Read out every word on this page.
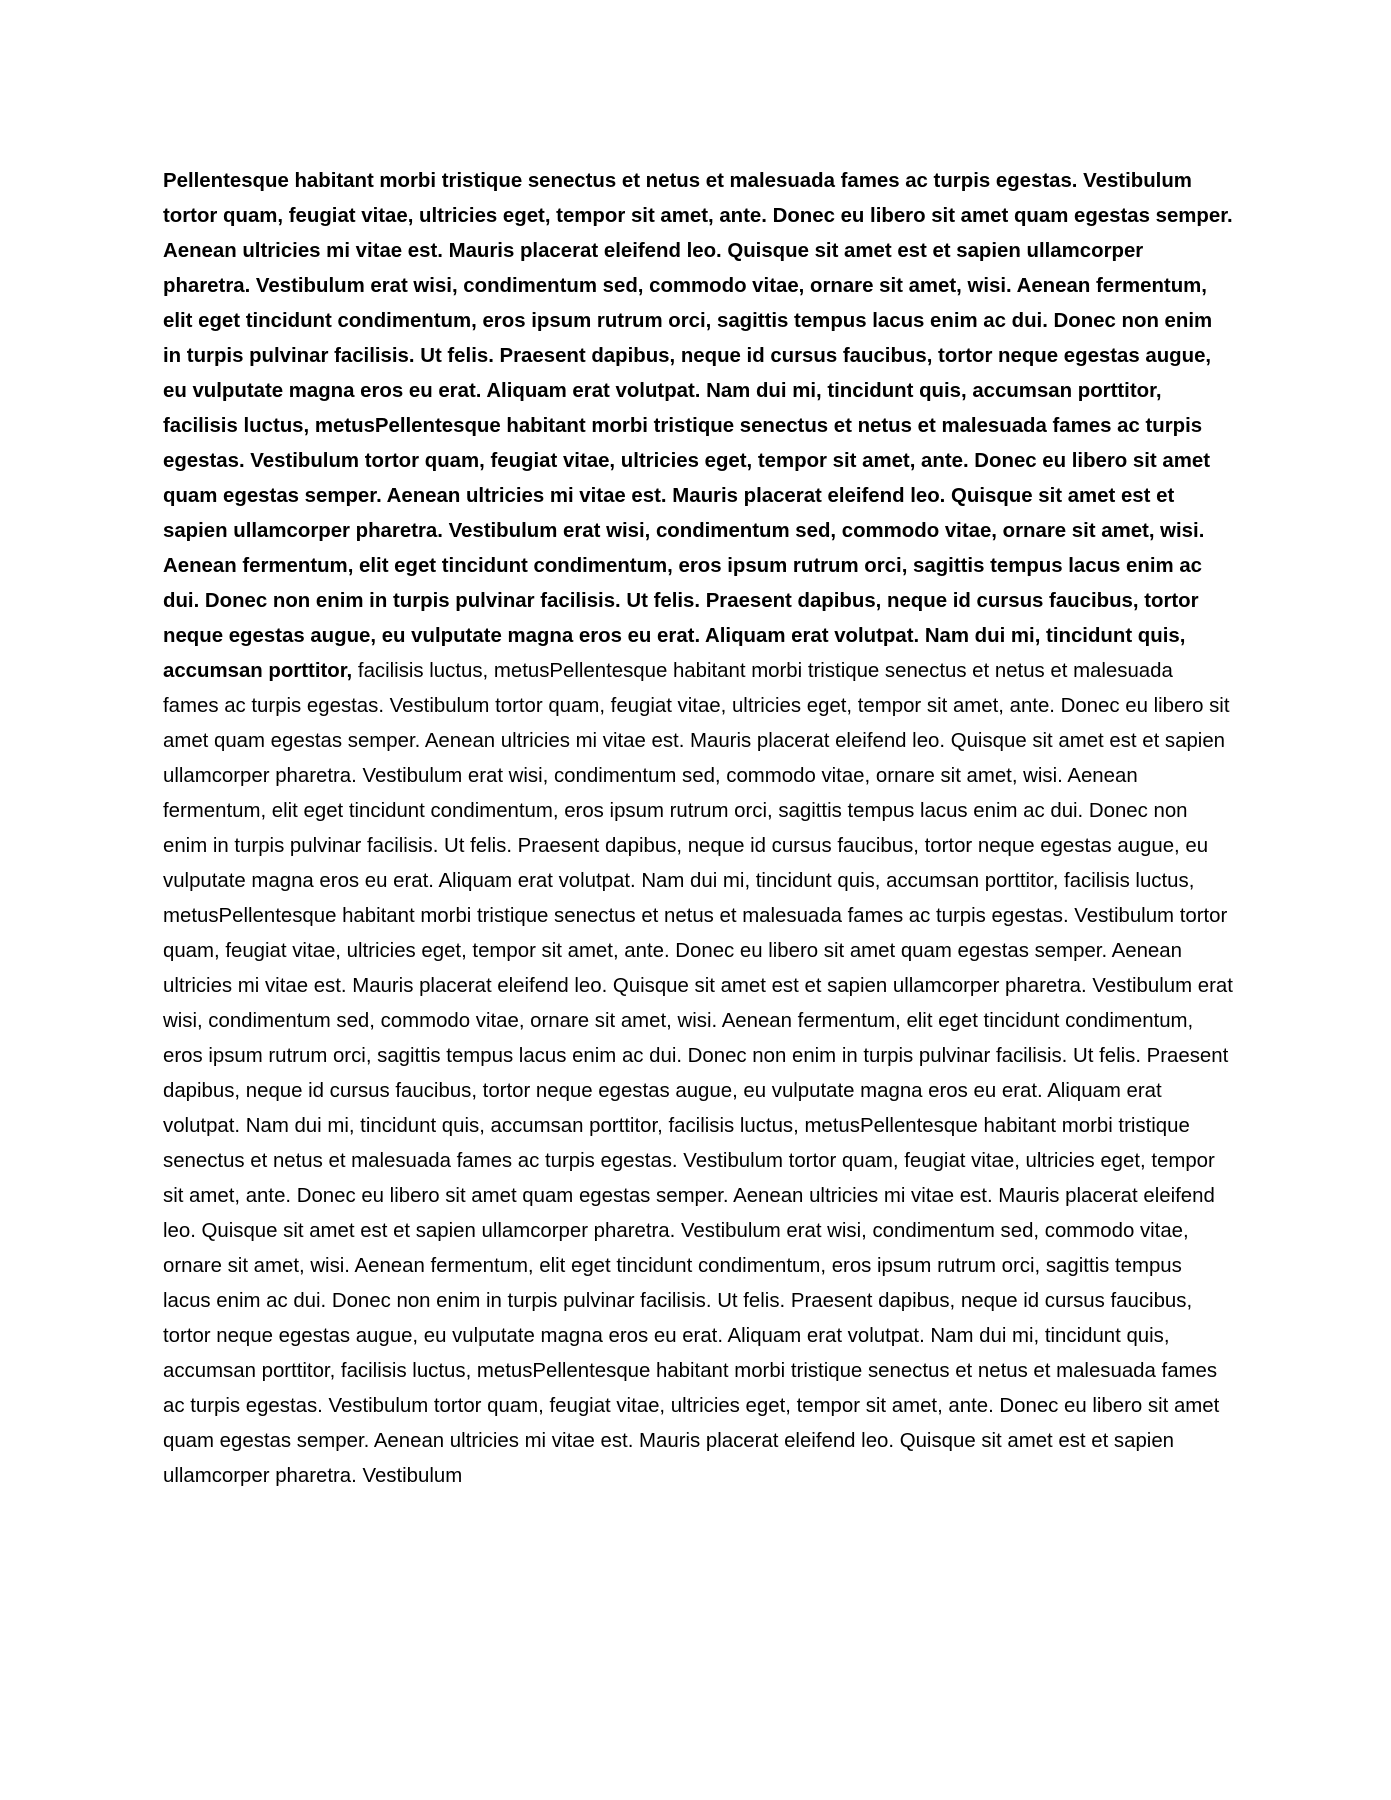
Pellentesque habitant morbi tristique senectus et netus et malesuada fames ac turpis egestas. Vestibulum tortor quam, feugiat vitae, ultricies eget, tempor sit amet, ante. Donec eu libero sit amet quam egestas semper. Aenean ultricies mi vitae est. Mauris placerat eleifend leo. Quisque sit amet est et sapien ullamcorper pharetra. Vestibulum erat wisi, condimentum sed, commodo vitae, ornare sit amet, wisi. Aenean fermentum, elit eget tincidunt condimentum, eros ipsum rutrum orci, sagittis tempus lacus enim ac dui. Donec non enim in turpis pulvinar facilisis. Ut felis. Praesent dapibus, neque id cursus faucibus, tortor neque egestas augue, eu vulputate magna eros eu erat. Aliquam erat volutpat. Nam dui mi, tincidunt quis, accumsan porttitor, facilisis luctus, metusPellentesque habitant morbi tristique senectus et netus et malesuada fames ac turpis egestas. Vestibulum tortor quam, feugiat vitae, ultricies eget, tempor sit amet, ante. Donec eu libero sit amet quam egestas semper. Aenean ultricies mi vitae est. Mauris placerat eleifend leo. Quisque sit amet est et sapien ullamcorper pharetra. Vestibulum erat wisi, condimentum sed, commodo vitae, ornare sit amet, wisi. Aenean fermentum, elit eget tincidunt condimentum, eros ipsum rutrum orci, sagittis tempus lacus enim ac dui. Donec non enim in turpis pulvinar facilisis. Ut felis. Praesent dapibus, neque id cursus faucibus, tortor neque egestas augue, eu vulputate magna eros eu erat. Aliquam erat volutpat. Nam dui mi, tincidunt quis, accumsan porttitor, facilisis luctus, metusPellentesque habitant morbi tristique senectus et netus et malesuada fames ac turpis egestas. Vestibulum tortor quam, feugiat vitae, ultricies eget, tempor sit amet, ante. Donec eu libero sit amet quam egestas semper. Aenean ultricies mi vitae est. Mauris placerat eleifend leo. Quisque sit amet est et sapien ullamcorper pharetra. Vestibulum erat wisi, condimentum sed, commodo vitae, ornare sit amet, wisi. Aenean fermentum, elit eget tincidunt condimentum, eros ipsum rutrum orci, sagittis tempus lacus enim ac dui. Donec non enim in turpis pulvinar facilisis. Ut felis. Praesent dapibus, neque id cursus faucibus, tortor neque egestas augue, eu vulputate magna eros eu erat. Aliquam erat volutpat. Nam dui mi, tincidunt quis, accumsan porttitor, facilisis luctus, metusPellentesque habitant morbi tristique senectus et netus et malesuada fames ac turpis egestas. Vestibulum tortor quam, feugiat vitae, ultricies eget, tempor sit amet, ante. Donec eu libero sit amet quam egestas semper. Aenean ultricies mi vitae est. Mauris placerat eleifend leo. Quisque sit amet est et sapien ullamcorper pharetra. Vestibulum erat wisi, condimentum sed, commodo vitae, ornare sit amet, wisi. Aenean fermentum, elit eget tincidunt condimentum, eros ipsum rutrum orci, sagittis tempus lacus enim ac dui. Donec non enim in turpis pulvinar facilisis. Ut felis. Praesent dapibus, neque id cursus faucibus, tortor neque egestas augue, eu vulputate magna eros eu erat. Aliquam erat volutpat. Nam dui mi, tincidunt quis, accumsan porttitor, facilisis luctus, metusPellentesque habitant morbi tristique senectus et netus et malesuada fames ac turpis egestas. Vestibulum tortor quam, feugiat vitae, ultricies eget, tempor sit amet, ante. Donec eu libero sit amet quam egestas semper. Aenean ultricies mi vitae est. Mauris placerat eleifend leo. Quisque sit amet est et sapien ullamcorper pharetra. Vestibulum erat wisi, condimentum sed, commodo vitae, ornare sit amet, wisi. Aenean fermentum, elit eget tincidunt condimentum, eros ipsum rutrum orci, sagittis tempus lacus enim ac dui. Donec non enim in turpis pulvinar facilisis. Ut felis. Praesent dapibus, neque id cursus faucibus, tortor neque egestas augue, eu vulputate magna eros eu erat. Aliquam erat volutpat. Nam dui mi, tincidunt quis, accumsan porttitor, facilisis luctus, metusPellentesque habitant morbi tristique senectus et netus et malesuada fames ac turpis egestas. Vestibulum tortor quam, feugiat vitae, ultricies eget, tempor sit amet, ante. Donec eu libero sit amet quam egestas semper. Aenean ultricies mi vitae est. Mauris placerat eleifend leo. Quisque sit amet est et sapien ullamcorper pharetra. Vestibulum
